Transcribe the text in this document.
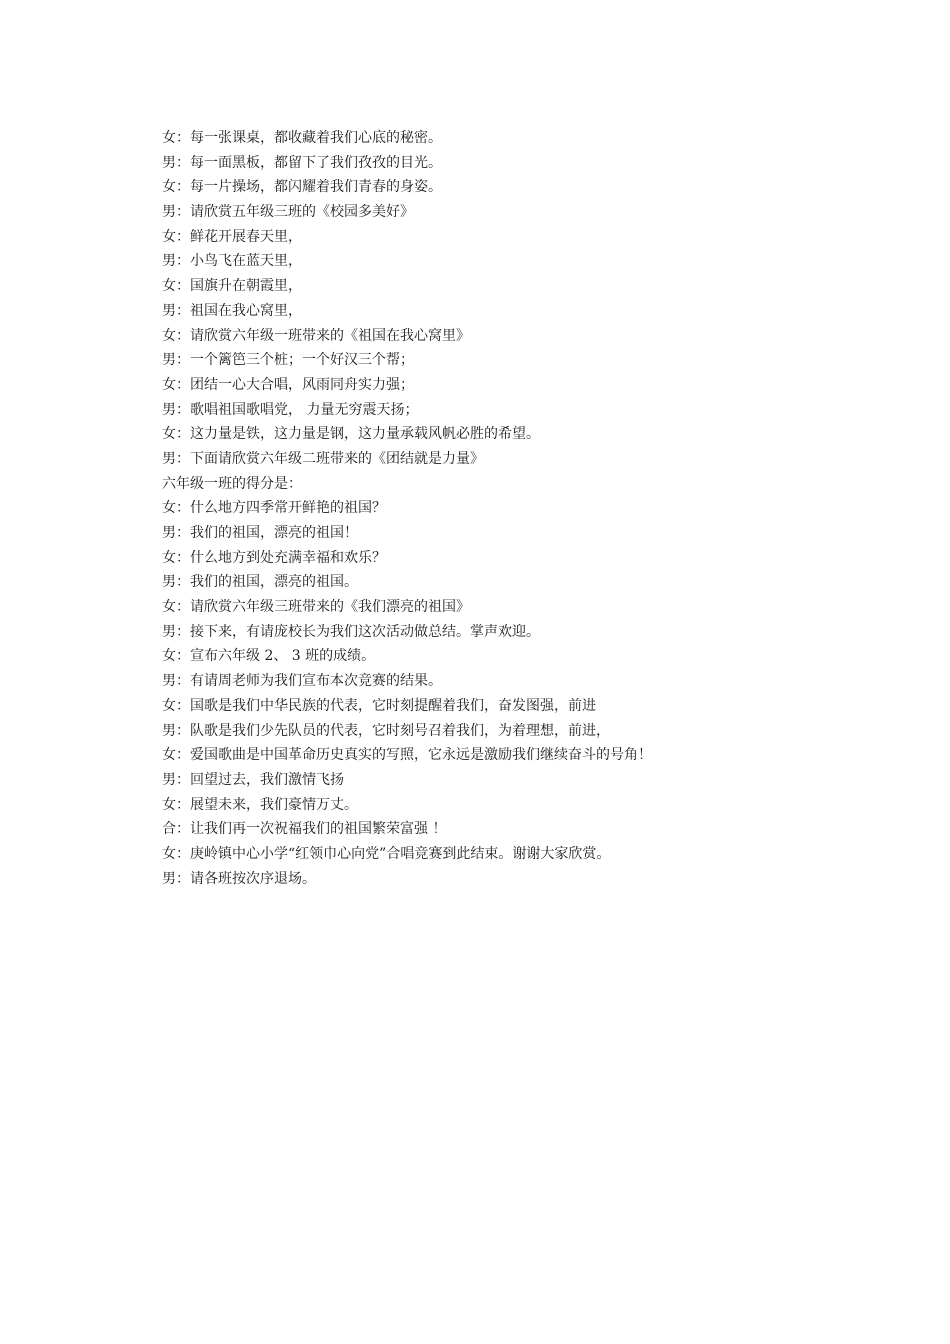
女：每一张课桌，都收藏着我们心底的秘密。
男：每一面黑板，都留下了我们孜孜的目光。
女：每一片操场，都闪耀着我们青春的身姿。
男：请欣赏五年级三班的《校园多美好》
女：鲜花开展春天里，
男：小鸟飞在蓝天里，
女：国旗升在朝霞里，
男：祖国在我心窝里，
女：请欣赏六年级一班带来的《祖国在我心窝里》
男：一个篱笆三个桩；一个好汉三个帮；
女：团结一心大合唱，风雨同舟实力强；
男：歌唱祖国歌唱党， 力量无穷震天扬；
女：这力量是铁，这力量是钢，这力量承载风帆必胜的希望。
男：下面请欣赏六年级二班带来的《团结就是力量》
六年级一班的得分是：
女：什么地方四季常开鲜艳的祖国？
男：我们的祖国，漂亮的祖国！
女：什么地方到处充满幸福和欢乐？
男：我们的祖国，漂亮的祖国。
女：请欣赏六年级三班带来的《我们漂亮的祖国》
男：接下来，有请庞校长为我们这次活动做总结。掌声欢迎。
女：宣布六年级 2、 3 班的成绩。
男：有请周老师为我们宣布本次竞赛的结果。
女：国歌是我们中华民族的代表，它时刻提醒着我们，奋发图强，前进
男：队歌是我们少先队员的代表，它时刻号召着我们，为着理想，前进，
女：爱国歌曲是中国革命历史真实的写照，它永远是激励我们继续奋斗的号角！
男：回望过去，我们激情飞扬
女：展望未来，我们豪情万丈。
合：让我们再一次祝福我们的祖国繁荣富强 ！
女：庚岭镇中心小学“红领巾心向党”合唱竞赛到此结束。谢谢大家欣赏。
男：请各班按次序退场。
